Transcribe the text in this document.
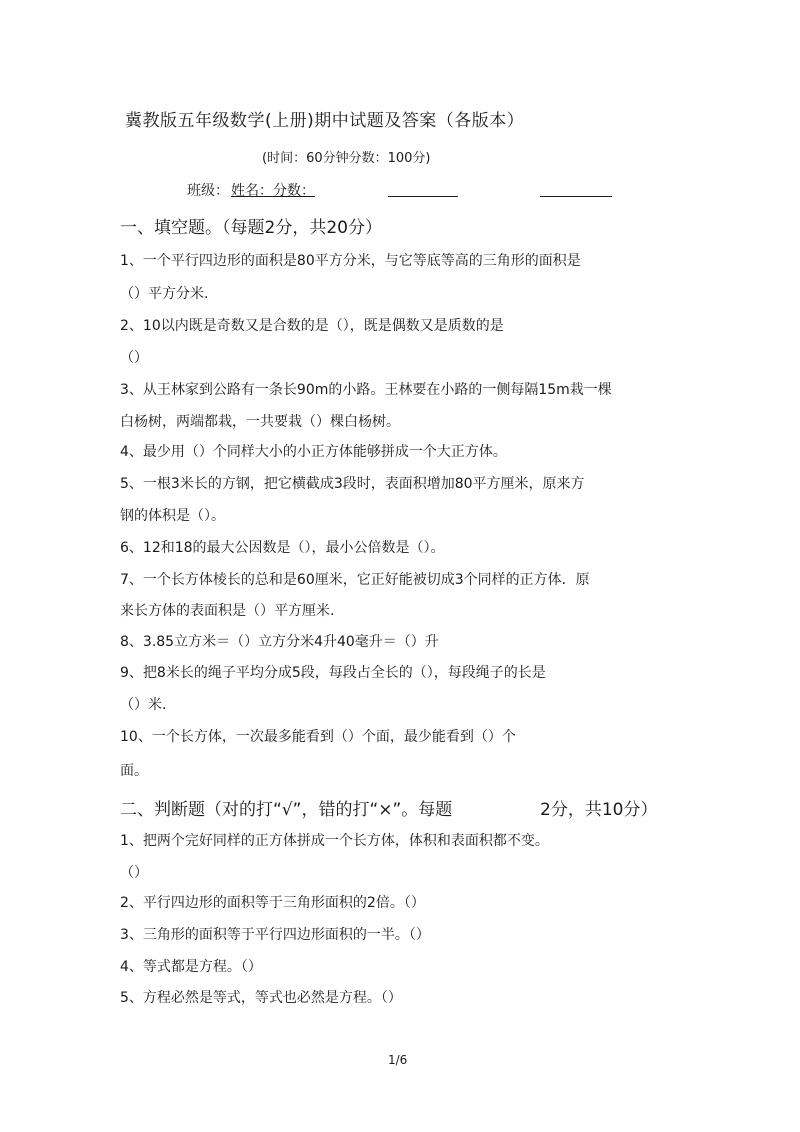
冀教版五年级数学(上册)期中试题及答案（各版本）
(时间：60分钟分数：100分)
班级： 姓名：分数：
一、填空题。（每题2分，共20分）
1、一个平行四边形的面积是80平方分米，与它等底等高的三角形的面积是
（）平方分米.
2、10以内既是奇数又是合数的是（），既是偶数又是质数的是
（）
3、从王林家到公路有一条长90m的小路。王林要在小路的一侧每隔15m栽一棵
白杨树，两端都栽，一共要栽（）棵白杨树。
4、最少用（）个同样大小的小正方体能够拼成一个大正方体。
5、一根3米长的方钢，把它横截成3段时，表面积增加80平方厘米，原来方
钢的体积是（）。
6、12和18的最大公因数是（），最小公倍数是（）。
7、一个长方体棱长的总和是60厘米，它正好能被切成3个同样的正方体．原
来长方体的表面积是（）平方厘米.
8、3.85立方米＝（）立方分米4升40毫升＝（）升
9、把8米长的绳子平均分成5段，每段占全长的（），每段绳子的长是
（）米.
10、一个长方体，一次最多能看到（）个面，最少能看到（）个
面。
二、判断题（对的打“√”，错的打“×”。每题	2分，共10分）
1、把两个完好同样的正方体拼成一个长方体，体积和表面积都不变。
（）
2、平行四边形的面积等于三角形面积的2倍。（）
3、三角形的面积等于平行四边形面积的一半。（）
4、等式都是方程。（）
5、方程必然是等式，等式也必然是方程。（）
1/6
